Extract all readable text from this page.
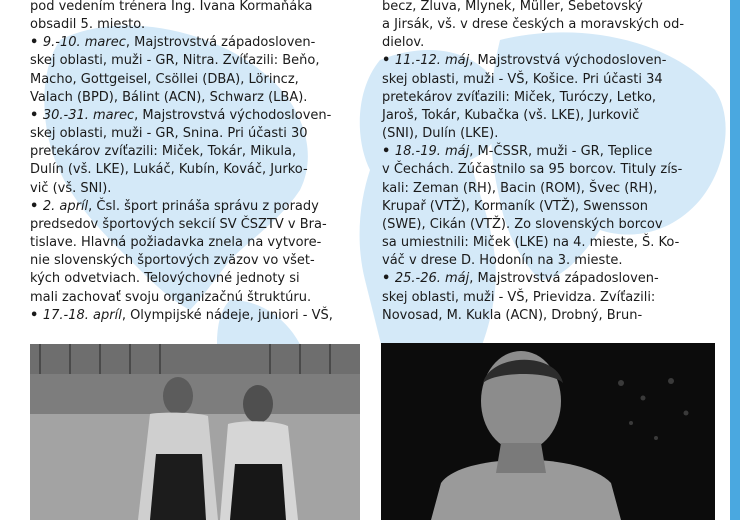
pod vedením trénera Ing. Ivana Kormaňáka

obsadil 5. miesto.

• 9.-10. marec, Majstrovstvá západosloven-

skej oblasti, muži - GR, Nitra. Zvíťazili: Beňo,

Macho, Gottgeisel, Csöllei (DBA), Lörincz,

Valach (BPD), Bálint (ACN), Schwarz (LBA).

• 30.-31. marec, Majstrovstvá východosloven-

skej oblasti, muži - GR, Snina. Pri účasti 30

pretekárov zvíťazili: Miček, Tokár, Mikula,

Dulín (vš. LKE), Lukáč, Kubín, Kováč, Jurko-

vič (vš. SNI).

• 2. apríl, Čsl. šport prináša správu z porady

predsedov športových sekcií SV ČSZTV v Bra-

tislave. Hlavná požiadavka znela na vytvore-

nie slovenských športových zväzov vo všet-

kých odvetviach. Telovýchovné jednoty si

mali zachovať svoju organizačnú štruktúru.

• 17.-18. apríl, Olympijské nádeje, juniori - VŠ,

becz, Žluva, Mlynek, Müller, Šebetovský

a Jirsák, vš. v drese českých a moravských od-

dielov.

• 11.-12. máj, Majstrovstvá východosloven-

skej oblasti, muži - VŠ, Košice. Pri účasti 34

pretekárov zvíťazili: Miček, Turóczy, Letko,

Jaroš, Tokár, Kubačka (vš. LKE), Jurkovič

(SNI), Dulín (LKE).

• 18.-19. máj, M-ČSSR, muži - GR, Teplice

v Čechách. Zúčastnilo sa 95 borcov. Tituly zís-

kali: Zeman (RH), Bacin (ROM), Švec (RH),

Krupař (VTŽ), Kormaník (VTŽ), Swensson

(SWE), Cikán (VTŽ). Zo slovenských borcov

sa umiestnili: Miček (LKE) na 4. mieste, Š. Ko-

váč v drese D. Hodonín na 3. mieste.

• 25.-26. máj, Majstrovstvá západosloven-

skej oblasti, muži - VŠ, Prievidza. Zvíťazili:

Novosad, M. Kukla (ACN), Drobný, Brun-
